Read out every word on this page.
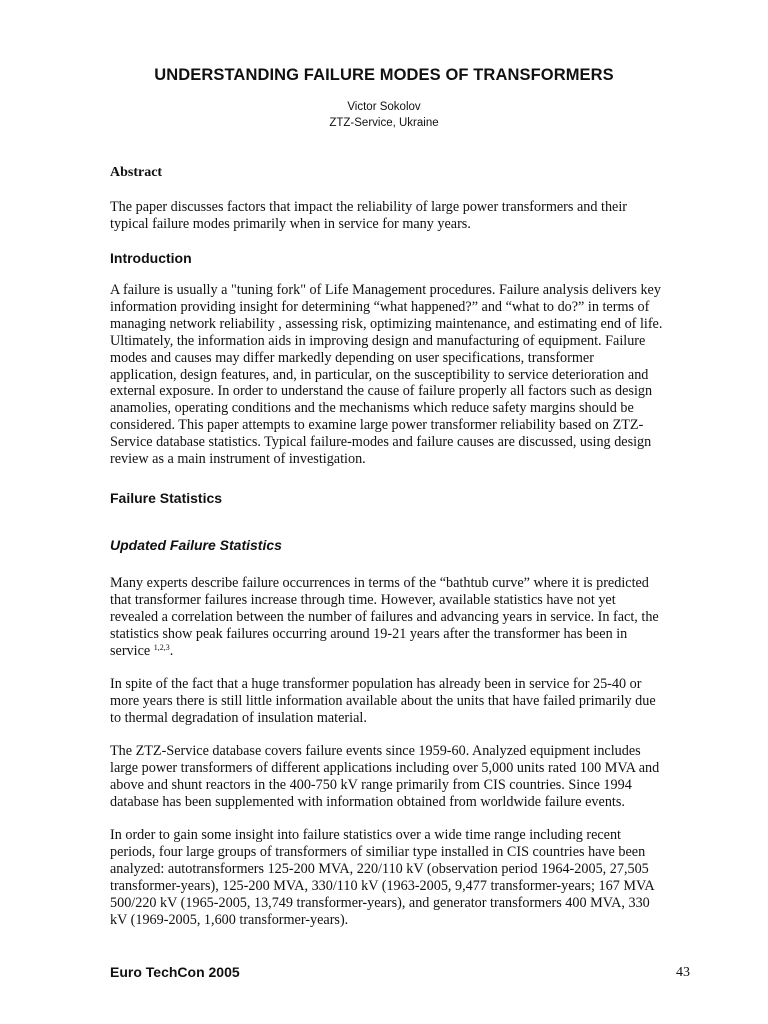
UNDERSTANDING FAILURE MODES OF TRANSFORMERS
Victor Sokolov
ZTZ-Service, Ukraine
Abstract

The paper discusses factors that impact the reliability of large power transformers and their
typical failure modes primarily when in service for many years.

Introduction

A failure is usually a "tuning fork" of Life Management procedures. Failure analysis delivers key
information providing insight for determining “what happened?” and “what to do?” in terms of
managing network reliability , assessing risk, optimizing maintenance, and estimating end of life.
Ultimately, the information aids in improving design and manufacturing of equipment. Failure
modes and causes may differ markedly depending on user specifications, transformer
application, design features, and, in particular, on the susceptibility to service deterioration and
external exposure. In order to understand the cause of failure properly all factors such as design
anamolies, operating conditions and the mechanisms which reduce safety margins should be
considered. This paper attempts to examine large power transformer reliability based on ZTZ-
Service database statistics. Typical failure-modes and failure causes are discussed, using design
review as a main instrument of investigation.

Failure Statistics
Updated Failure Statistics

Many experts describe failure occurrences in terms of the “bathtub curve” where it is predicted
that transformer failures increase through time. However, available statistics have not yet
revealed a correlation between the number of failures and advancing years in service. In fact, the
statistics show peak failures occurring around 19-21 years after the transformer has been in
service $^{1,2,3}$.

In spite of the fact that a huge transformer population has already been in service for 25-40 or
more years there is still little information available about the units that have failed primarily due
to thermal degradation of insulation material.

The ZTZ-Service database covers failure events since 1959-60. Analyzed equipment includes
large power transformers of different applications including over 5,000 units rated 100 MVA and
above and shunt reactors in the 400-750 kV range primarily from CIS countries. Since 1994
database has been supplemented with information obtained from worldwide failure events.

In order to gain some insight into failure statistics over a wide time range including recent
periods, four large groups of transformers of similiar type installed in CIS countries have been
analyzed: autotransformers 125-200 MVA, 220/110 kV (observation period 1964-2005, 27,505
transformer-years), 125-200 MVA, 330/110 kV (1963-2005, 9,477 transformer-years; 167 MVA
500/220 kV (1965-2005, 13,749 transformer-years), and generator transformers 400 MVA, 330
kV (1969-2005, 1,600 transformer-years).

Euro TechCon 2005	43
